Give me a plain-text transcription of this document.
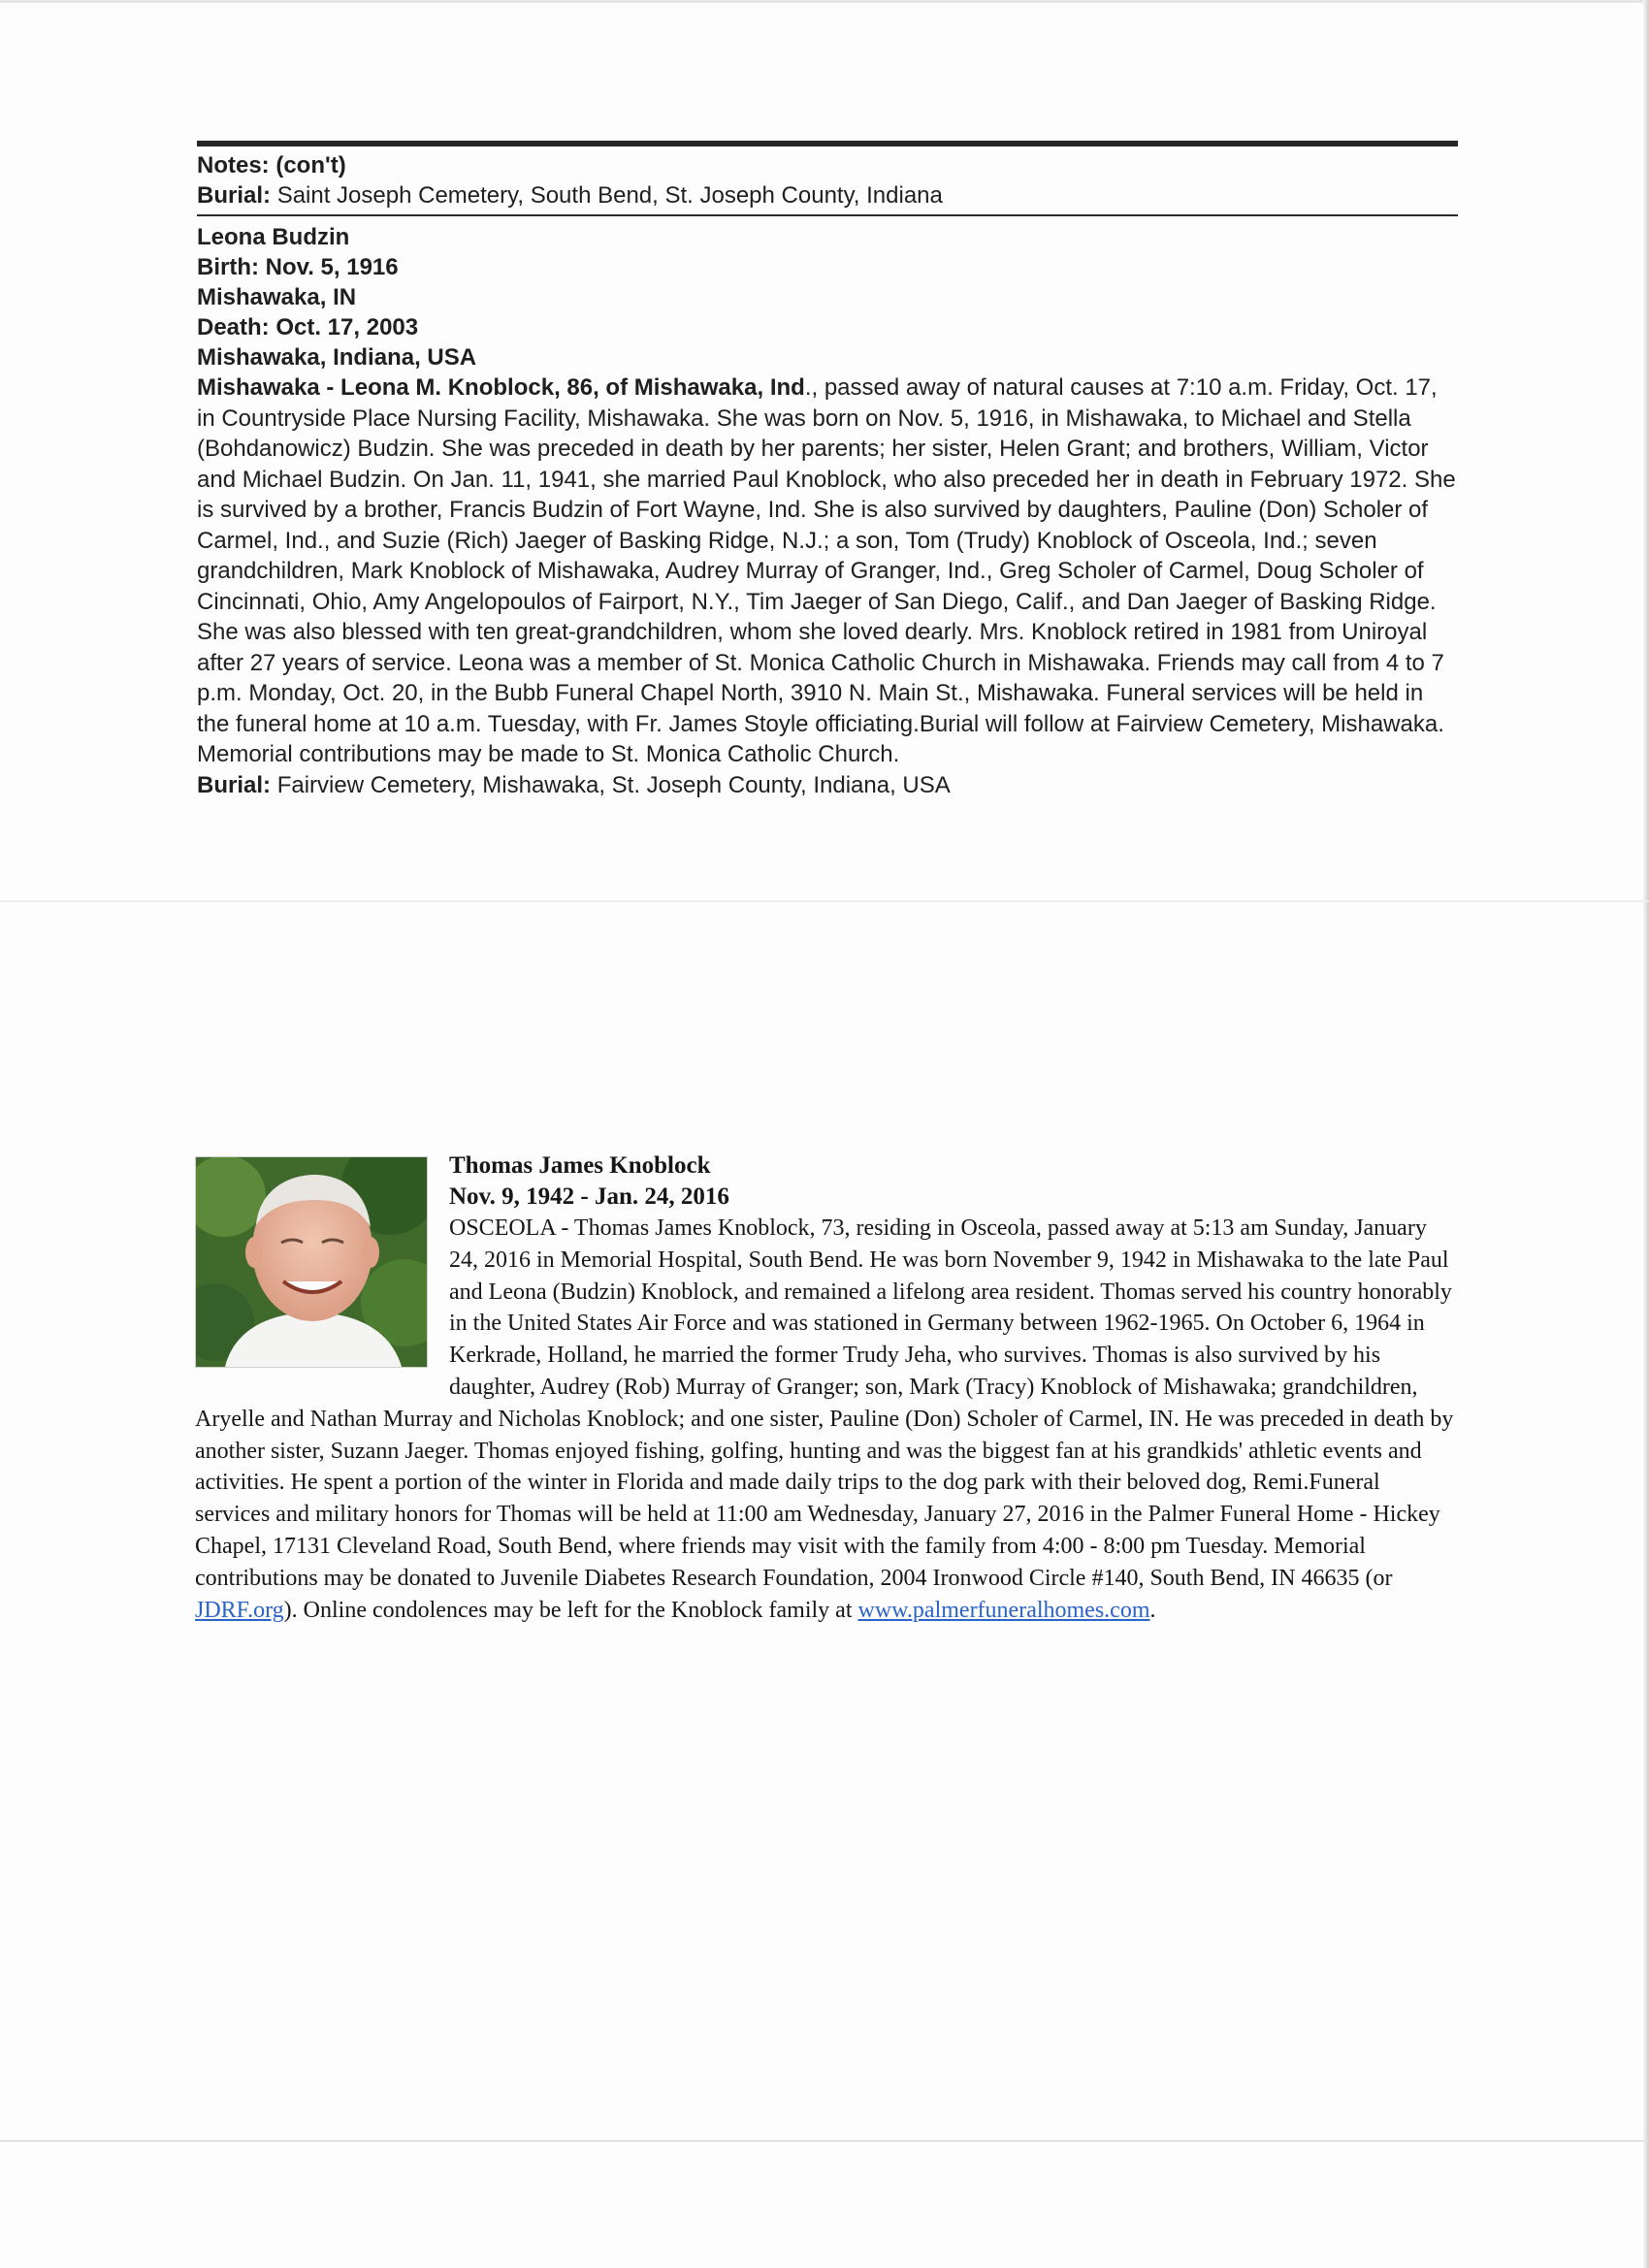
Notes: (con't)
Burial: Saint Joseph Cemetery, South Bend, St. Joseph County, Indiana
Leona Budzin
Birth: Nov. 5, 1916
Mishawaka, IN
Death: Oct. 17, 2003
Mishawaka, Indiana, USA
Mishawaka - Leona M. Knoblock, 86, of Mishawaka, Ind., passed away of natural causes at 7:10 a.m. Friday, Oct. 17, in Countryside Place Nursing Facility, Mishawaka. She was born on Nov. 5, 1916, in Mishawaka, to Michael and Stella (Bohdanowicz) Budzin. She was preceded in death by her parents; her sister, Helen Grant; and brothers, William, Victor and Michael Budzin. On Jan. 11, 1941, she married Paul Knoblock, who also preceded her in death in February 1972. She is survived by a brother, Francis Budzin of Fort Wayne, Ind. She is also survived by daughters, Pauline (Don) Scholer of Carmel, Ind., and Suzie (Rich) Jaeger of Basking Ridge, N.J.; a son, Tom (Trudy) Knoblock of Osceola, Ind.; seven grandchildren, Mark Knoblock of Mishawaka, Audrey Murray of Granger, Ind., Greg Scholer of Carmel, Doug Scholer of Cincinnati, Ohio, Amy Angelopoulos of Fairport, N.Y., Tim Jaeger of San Diego, Calif., and Dan Jaeger of Basking Ridge. She was also blessed with ten great-grandchildren, whom she loved dearly. Mrs. Knoblock retired in 1981 from Uniroyal after 27 years of service. Leona was a member of St. Monica Catholic Church in Mishawaka. Friends may call from 4 to 7 p.m. Monday, Oct. 20, in the Bubb Funeral Chapel North, 3910 N. Main St., Mishawaka. Funeral services will be held in the funeral home at 10 a.m. Tuesday, with Fr. James Stoyle officiating.Burial will follow at Fairview Cemetery, Mishawaka. Memorial contributions may be made to St. Monica Catholic Church.
Burial: Fairview Cemetery, Mishawaka, St. Joseph County, Indiana, USA
Thomas James Knoblock
Nov. 9, 1942 - Jan. 24, 2016
OSCEOLA - Thomas James Knoblock, 73, residing in Osceola, passed away at 5:13 am Sunday, January 24, 2016 in Memorial Hospital, South Bend. He was born November 9, 1942 in Mishawaka to the late Paul and Leona (Budzin) Knoblock, and remained a lifelong area resident. Thomas served his country honorably in the United States Air Force and was stationed in Germany between 1962-1965. On October 6, 1964 in Kerkrade, Holland, he married the former Trudy Jeha, who survives. Thomas is also survived by his daughter, Audrey (Rob) Murray of Granger; son, Mark (Tracy) Knoblock of Mishawaka; grandchildren, Aryelle and Nathan Murray and Nicholas Knoblock; and one sister, Pauline (Don) Scholer of Carmel, IN. He was preceded in death by another sister, Suzann Jaeger. Thomas enjoyed fishing, golfing, hunting and was the biggest fan at his grandkids' athletic events and activities. He spent a portion of the winter in Florida and made daily trips to the dog park with their beloved dog, Remi.Funeral services and military honors for Thomas will be held at 11:00 am Wednesday, January 27, 2016 in the Palmer Funeral Home - Hickey Chapel, 17131 Cleveland Road, South Bend, where friends may visit with the family from 4:00 - 8:00 pm Tuesday. Memorial contributions may be donated to Juvenile Diabetes Research Foundation, 2004 Ironwood Circle #140, South Bend, IN 46635 (or JDRF.org). Online condolences may be left for the Knoblock family at www.palmerfuneralhomes.com.
